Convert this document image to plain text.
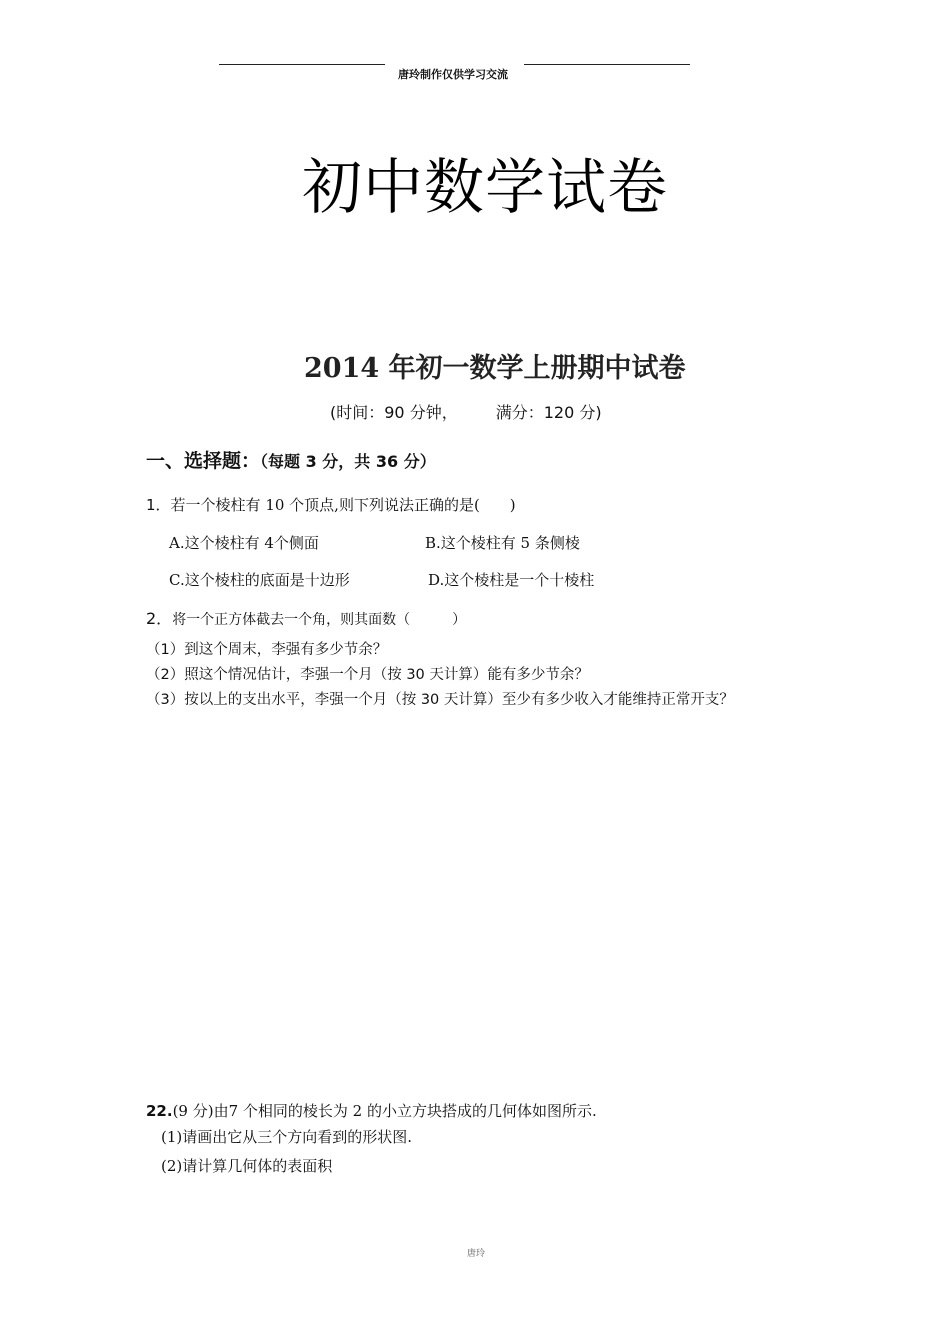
唐玲制作仅供学习交流
初中数学试卷
2014 年初一数学上册期中试卷
(时间：90 分钟， 满分：120 分)
一、选择题：（每题 3 分，共 36 分）
1．若一个棱柱有 10 个顶点,则下列说法正确的是(　　)
A.这个棱柱有 4个侧面	B.这个棱柱有 5 条侧棱
C.这个棱柱的底面是十边形	D.这个棱柱是一个十棱柱
2．将一个正方体截去一个角，则其面数（　　　）
（1）到这个周末，李强有多少节余？
（2）照这个情况估计，李强一个月（按 30 天计算）能有多少节余？
（3）按以上的支出水平，李强一个月（按 30 天计算）至少有多少收入才能维持正常开支？
22.(9 分)由7 个相同的棱长为 2 的小立方块搭成的几何体如图所示.
(1)请画出它从三个方向看到的形状图.
(2)请计算几何体的表面积
唐玲
